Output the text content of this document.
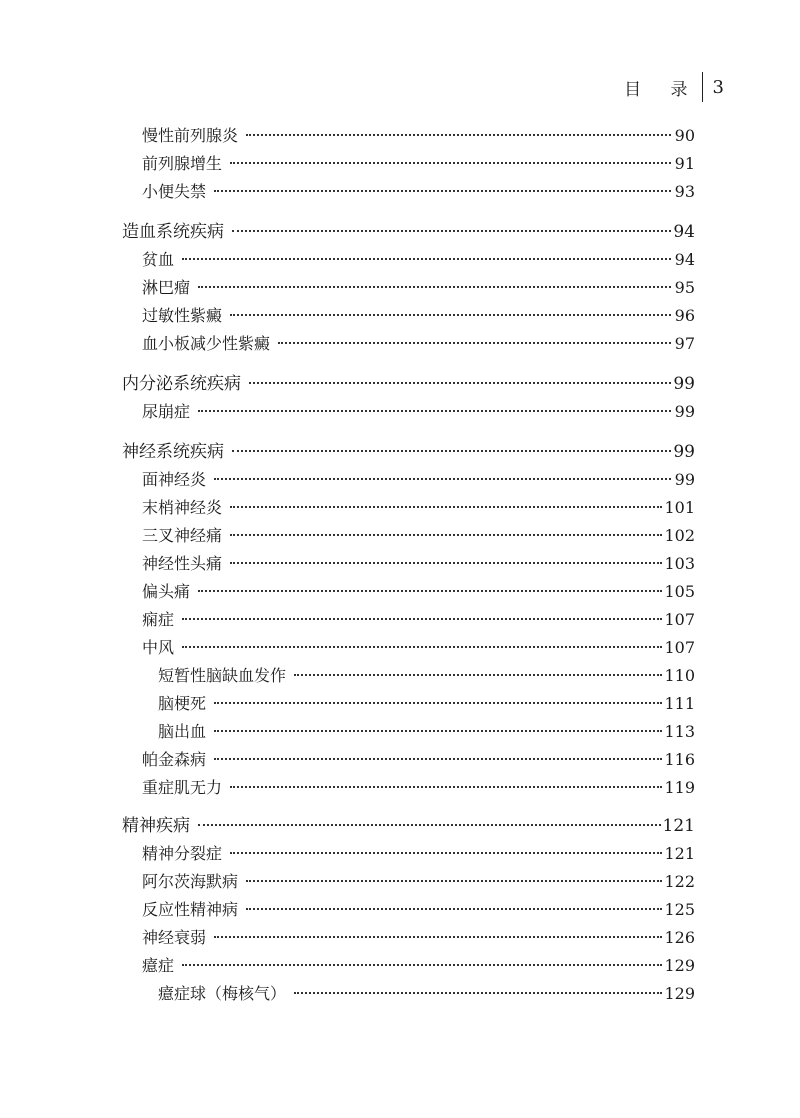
目 录 3
慢性前列腺炎	90
前列腺增生	91
小便失禁	93
造血系统疾病	94
贫血	94
淋巴瘤	95
过敏性紫癜	96
血小板减少性紫癜	97
内分泌系统疾病	99
尿崩症	99
神经系统疾病	99
面神经炎	99
末梢神经炎	101
三叉神经痛	102
神经性头痛	103
偏头痛	105
痫症	107
中风	107
短暂性脑缺血发作	110
脑梗死	111
脑出血	113
帕金森病	116
重症肌无力	119
精神疾病	121
精神分裂症	121
阿尔茨海默病	122
反应性精神病	125
神经衰弱	126
癔症	129
癔症球（梅核气）	129
